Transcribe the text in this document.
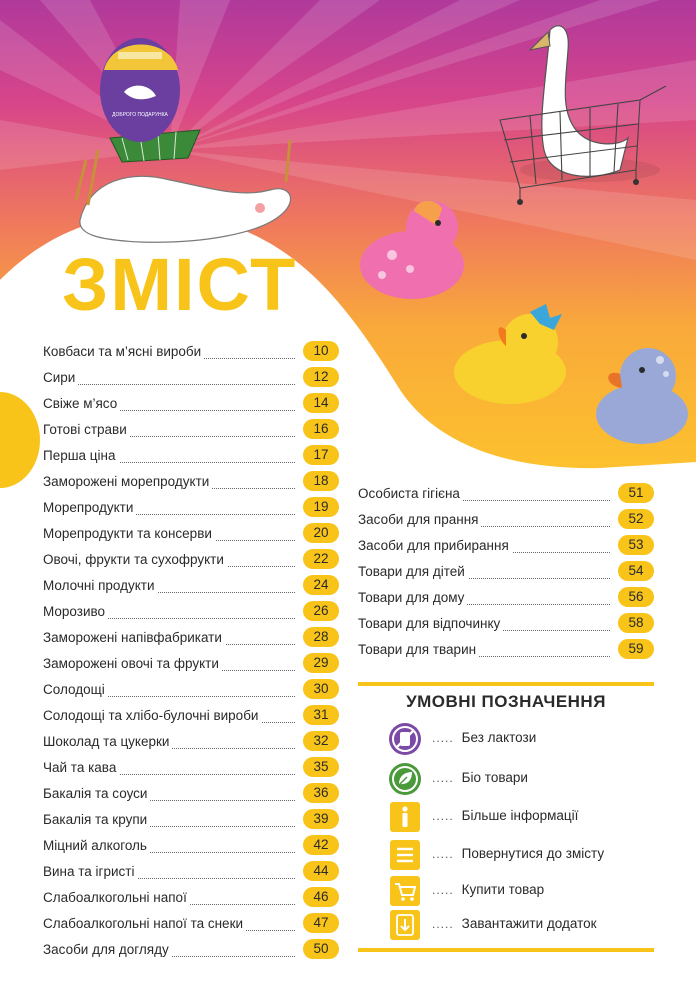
ДОБРОГО ПОДАРУНКА
ЗМІСТ
Ковбаси та м’ясні вироби	10
Сири	12
Свіже м’ясо	14
Готові страви	16
Перша ціна	17
Заморожені морепродукти	18
Морепродукти	19
Морепродукти та консерви	20
Овочі, фрукти та сухофрукти	22
Молочні продукти	24
Морозиво	26
Заморожені напівфабрикати	28
Заморожені овочі та фрукти	29
Солодощі	30
Солодощі та хлібо-булочні вироби	31
Шоколад та цукерки	32
Чай та кава	35
Бакалія та соуси	36
Бакалія та крупи	39
Міцний алкоголь	42
Вина та ігристі	44
Слабоалкогольні напої	46
Слабоалкогольні напої та снеки	47
Засоби для догляду	50
Особиста гігієна	51
Засоби для прання	52
Засоби для прибирання	53
Товари для дітей	54
Товари для дому	56
Товари для відпочинку	58
Товари для тварин	59
УМОВНІ ПОЗНАЧЕННЯ
..... Без лактози
..... Біо товари
..... Більше інформації
..... Повернутися до змісту
..... Купити товар
..... Завантажити додаток
